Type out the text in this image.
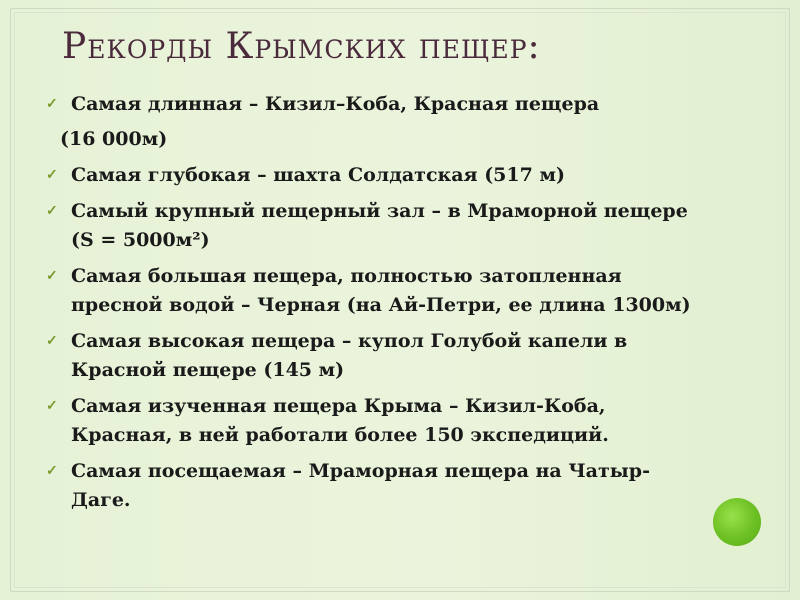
Рекорды Крымских пещер:
✓ Самая длинная – Кизил–Коба, Красная пещера
(16 000м)
✓ Самая глубокая – шахта Солдатская (517 м)
✓ Самый крупный пещерный зал – в Мраморной пещере
(S = 5000м²)
✓ Самая большая пещера, полностью затопленная
пресной водой – Черная (на Ай-Петри, ее длина 1300м)
✓ Самая высокая пещера – купол Голубой капели в
Красной пещере (145 м)
✓ Самая изученная пещера Крыма – Кизил-Коба,
Красная, в ней работали более 150 экспедиций.
✓ Самая посещаемая – Мраморная пещера на Чатыр-
Даге.
